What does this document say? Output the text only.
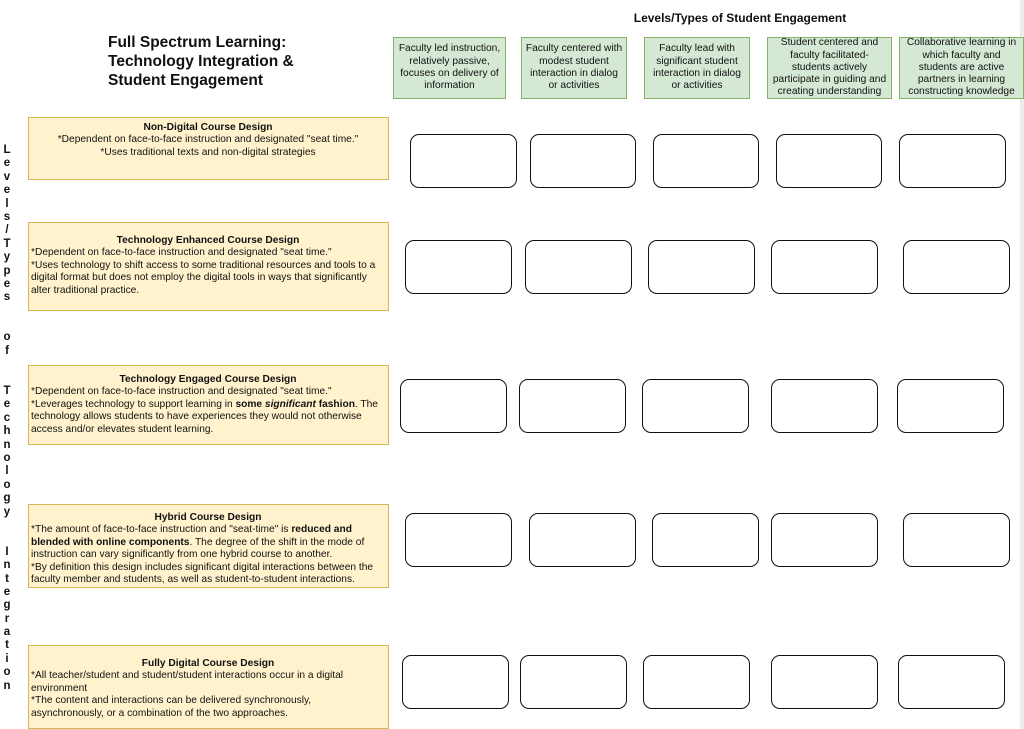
Full Spectrum Learning:
Technology Integration &
Student Engagement
Levels/Types of Student Engagement
Faculty led instruction, relatively passive, focuses on delivery of information
Faculty centered with modest student interaction in dialog or activities
Faculty lead with significant student interaction in dialog or activities
Student centered and faculty facilitated- students actively participate in guiding and creating understanding
Collaborative learning in which faculty and students are active partners in learning constructing knowledge
L
e
v
e
l
s
/
T
y
p
e
s

o
f

T
e
c
h
n
o
l
o
g
y

I
n
t
e
g
r
a
t
i
o
n
Non-Digital Course Design
*Dependent on face-to-face instruction and designated "seat time."
*Uses traditional texts and non-digital strategies
Technology Enhanced Course Design
*Dependent on face-to-face instruction and designated "seat time."
*Uses technology to shift access to some traditional resources and tools to a digital format but does not employ the digital tools in ways that significantly alter traditional practice.
Technology Engaged Course Design
*Dependent on face-to-face instruction and designated "seat time."
*Leverages technology to support learning in some significant fashion. The technology allows students to have experiences they would not otherwise access and/or elevates student learning.
Hybrid Course Design
*The amount of face-to-face instruction and "seat-time" is reduced and blended with online components. The degree of the shift in the mode of instruction can vary significantly from one hybrid course to another.
*By definition this design includes significant digital interactions between the faculty member and students, as well as student-to-student interactions.
Fully Digital Course Design
*All teacher/student and student/student interactions occur in a digital environment
*The content and interactions can be delivered synchronously, asynchronously, or a combination of the two approaches.
